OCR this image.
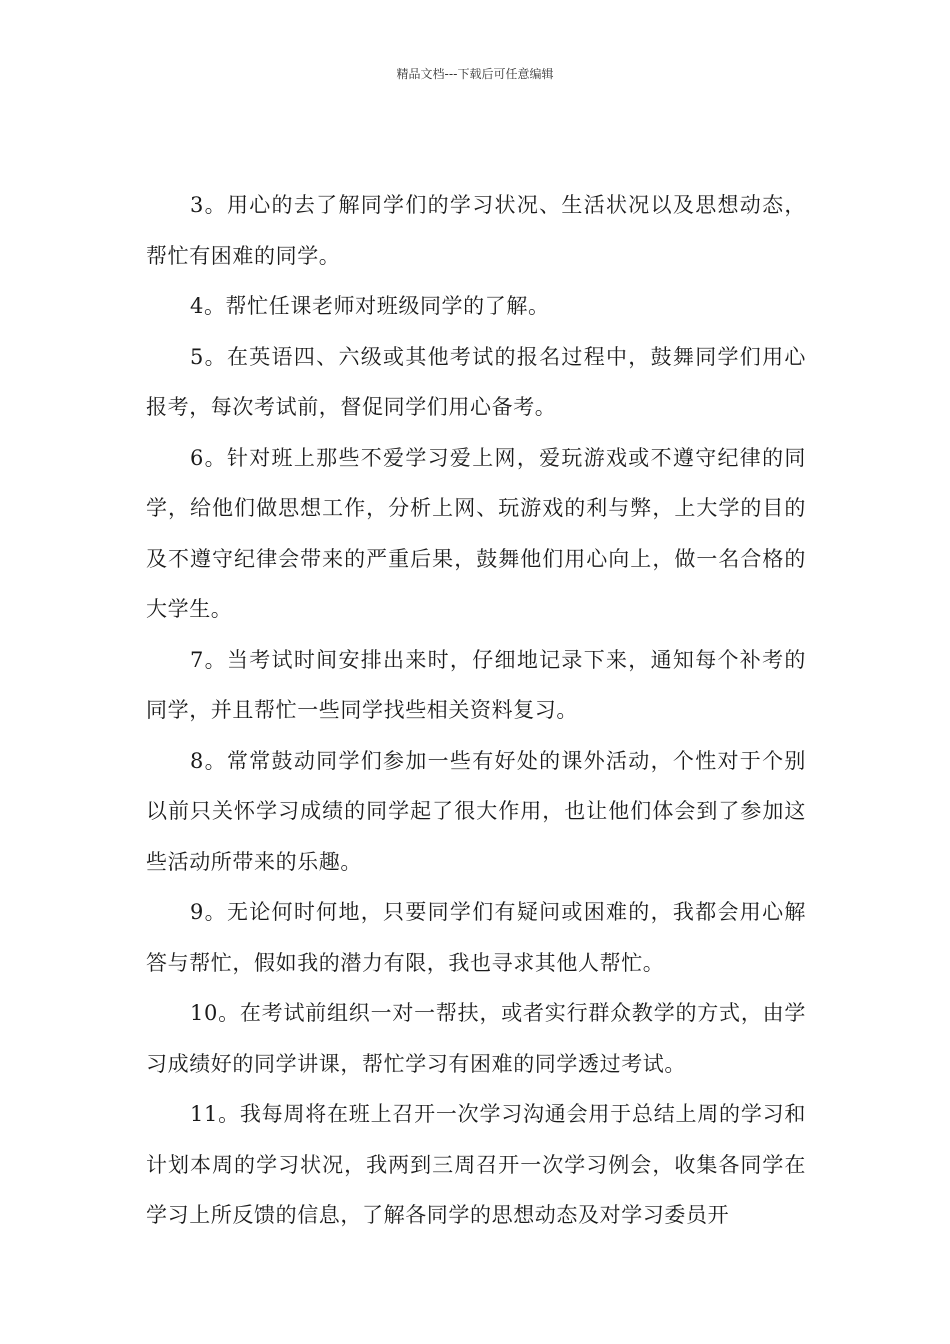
精品文档---下载后可任意编辑

3。用心的去了解同学们的学习状况、生活状况以及思想动态，帮忙有困难的同学。

4。帮忙任课老师对班级同学的了解。

5。在英语四、六级或其他考试的报名过程中，鼓舞同学们用心报考，每次考试前，督促同学们用心备考。

6。针对班上那些不爱学习爱上网，爱玩游戏或不遵守纪律的同学，给他们做思想工作，分析上网、玩游戏的利与弊，上大学的目的及不遵守纪律会带来的严重后果，鼓舞他们用心向上，做一名合格的大学生。

7。当考试时间安排出来时，仔细地记录下来，通知每个补考的同学，并且帮忙一些同学找些相关资料复习。

8。常常鼓动同学们参加一些有好处的课外活动，个性对于个别以前只关怀学习成绩的同学起了很大作用，也让他们体会到了参加这些活动所带来的乐趣。

9。无论何时何地，只要同学们有疑问或困难的，我都会用心解答与帮忙，假如我的潜力有限，我也寻求其他人帮忙。

10。在考试前组织一对一帮扶，或者实行群众教学的方式，由学习成绩好的同学讲课，帮忙学习有困难的同学透过考试。

11。我每周将在班上召开一次学习沟通会用于总结上周的学习和计划本周的学习状况，我两到三周召开一次学习例会，收集各同学在学习上所反馈的信息，了解各同学的思想动态及对学习委员开
